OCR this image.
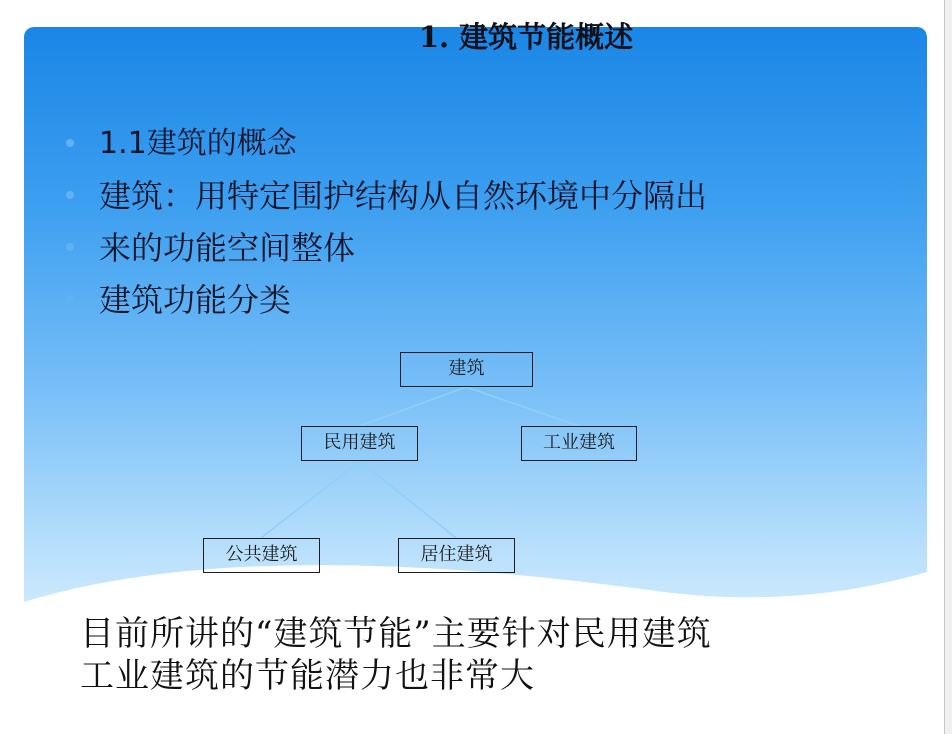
1. 建筑节能概述
1.1建筑的概念
建筑：用特定围护结构从自然环境中分隔出
来的功能空间整体
建筑功能分类
建筑
民用建筑	工业建筑
公共建筑	居住建筑

目前所讲的“建筑节能”主要针对民用建筑

工业建筑的节能潜力也非常大
